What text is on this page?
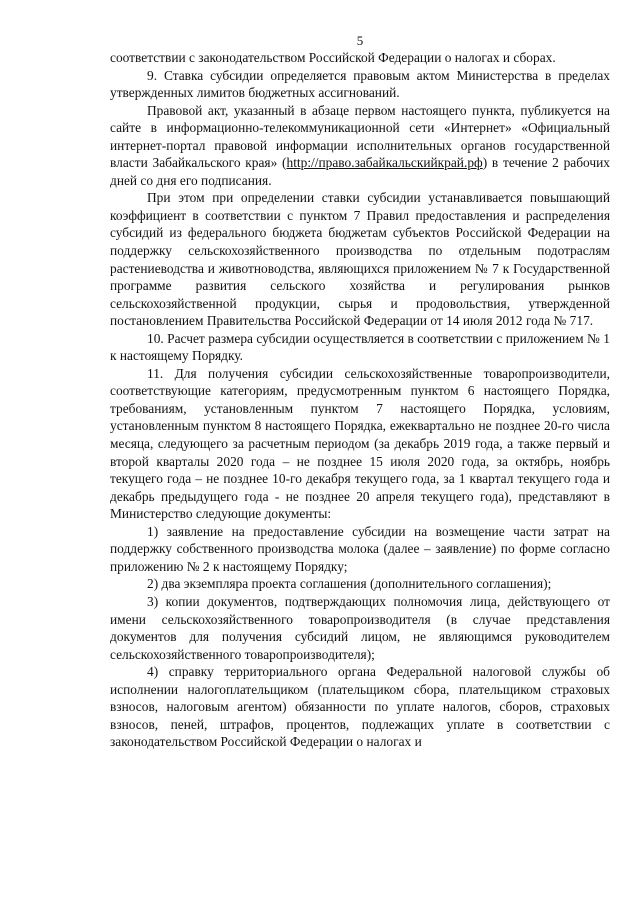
5

соответствии с законодательством Российской Федерации о налогах и сборах.

9. Ставка субсидии определяется правовым актом Министерства в пределах утвержденных лимитов бюджетных ассигнований.

Правовой акт, указанный в абзаце первом настоящего пункта, публикуется на сайте в информационно-телекоммуникационной сети «Интернет» «Официальный интернет-портал правовой информации исполнительных органов государственной власти Забайкальского края» (http://право.забайкальскийкрай.рф) в течение 2 рабочих дней со дня его подписания.

При этом при определении ставки субсидии устанавливается повышающий коэффициент в соответствии с пунктом 7 Правил предоставления и распределения субсидий из федерального бюджета бюджетам субъектов Российской Федерации на поддержку сельскохозяйственного производства по отдельным подотраслям растениеводства и животноводства, являющихся приложением № 7 к Государственной программе развития сельского хозяйства и регулирования рынков сельскохозяйственной продукции, сырья и продовольствия, утвержденной постановлением Правительства Российской Федерации от 14 июля 2012 года № 717.

10. Расчет размера субсидии осуществляется в соответствии с приложением № 1 к настоящему Порядку.

11. Для получения субсидии сельскохозяйственные товаропроизводители, соответствующие категориям, предусмотренным пунктом 6 настоящего Порядка, требованиям, установленным пунктом 7 настоящего Порядка, условиям, установленным пунктом 8 настоящего Порядка, ежеквартально не позднее 20-го числа месяца, следующего за расчетным периодом (за декабрь 2019 года, а также первый и второй кварталы 2020 года – не позднее 15 июля 2020 года, за октябрь, ноябрь текущего года – не позднее 10-го декабря текущего года, за 1 квартал текущего года и декабрь предыдущего года - не позднее 20 апреля текущего года), представляют в Министерство следующие документы:

1) заявление на предоставление субсидии на возмещение части затрат на поддержку собственного производства молока (далее – заявление) по форме согласно приложению № 2 к настоящему Порядку;

2) два экземпляра проекта соглашения (дополнительного соглашения);

3) копии документов, подтверждающих полномочия лица, действующего от имени сельскохозяйственного товаропроизводителя (в случае представления документов для получения субсидий лицом, не являющимся руководителем сельскохозяйственного товаропроизводителя);

4) справку территориального органа Федеральной налоговой службы об исполнении налогоплательщиком (плательщиком сбора, плательщиком страховых взносов, налоговым агентом) обязанности по уплате налогов, сборов, страховых взносов, пеней, штрафов, процентов, подлежащих уплате в соответствии с законодательством Российской Федерации о налогах и
